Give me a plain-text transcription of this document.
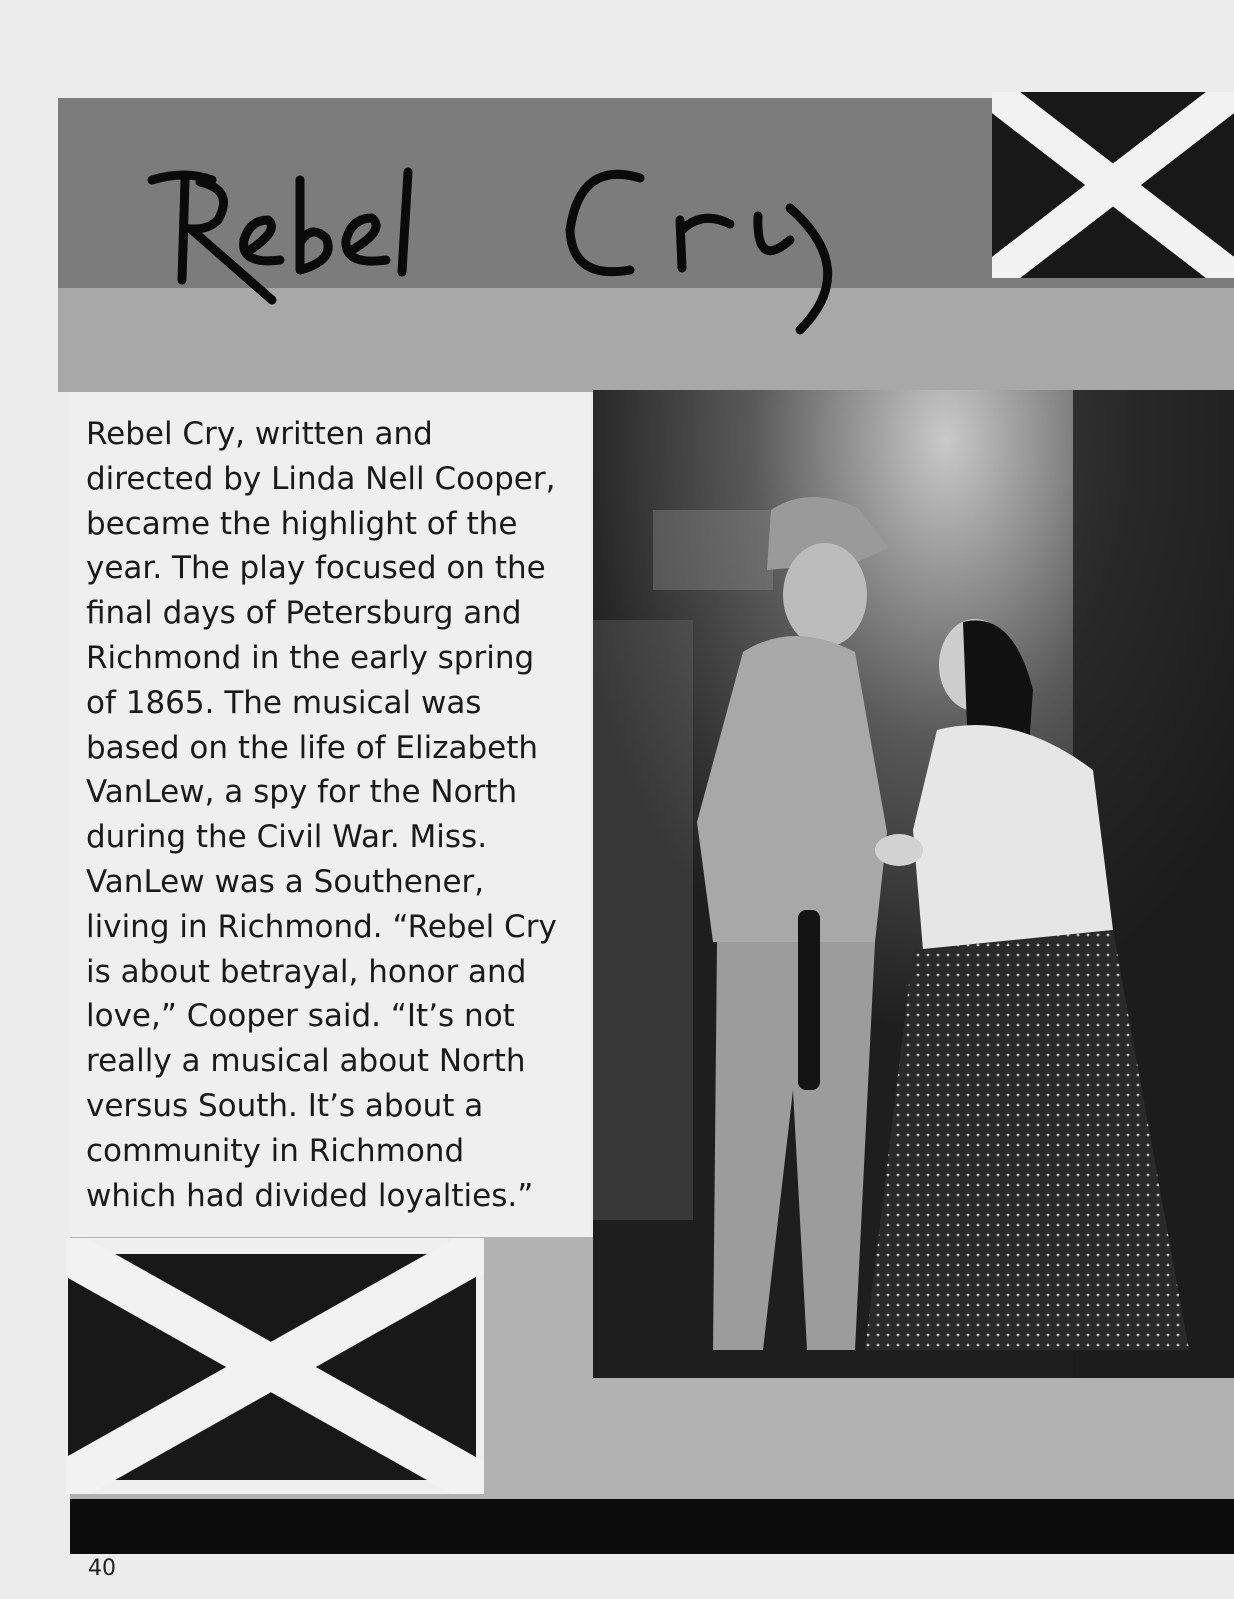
Rebel Cry, written and
directed by Linda Nell Cooper,
became the highlight of the
year. The play focused on the
final days of Petersburg and
Richmond in the early spring
of 1865. The musical was
based on the life of Elizabeth
VanLew, a spy for the North
during the Civil War. Miss.
VanLew was a Southener,
living in Richmond. “Rebel Cry
is about betrayal, honor and
love,” Cooper said. “It’s not
really a musical about North
versus South. It’s about a
community in Richmond
which had divided loyalties.”

40
